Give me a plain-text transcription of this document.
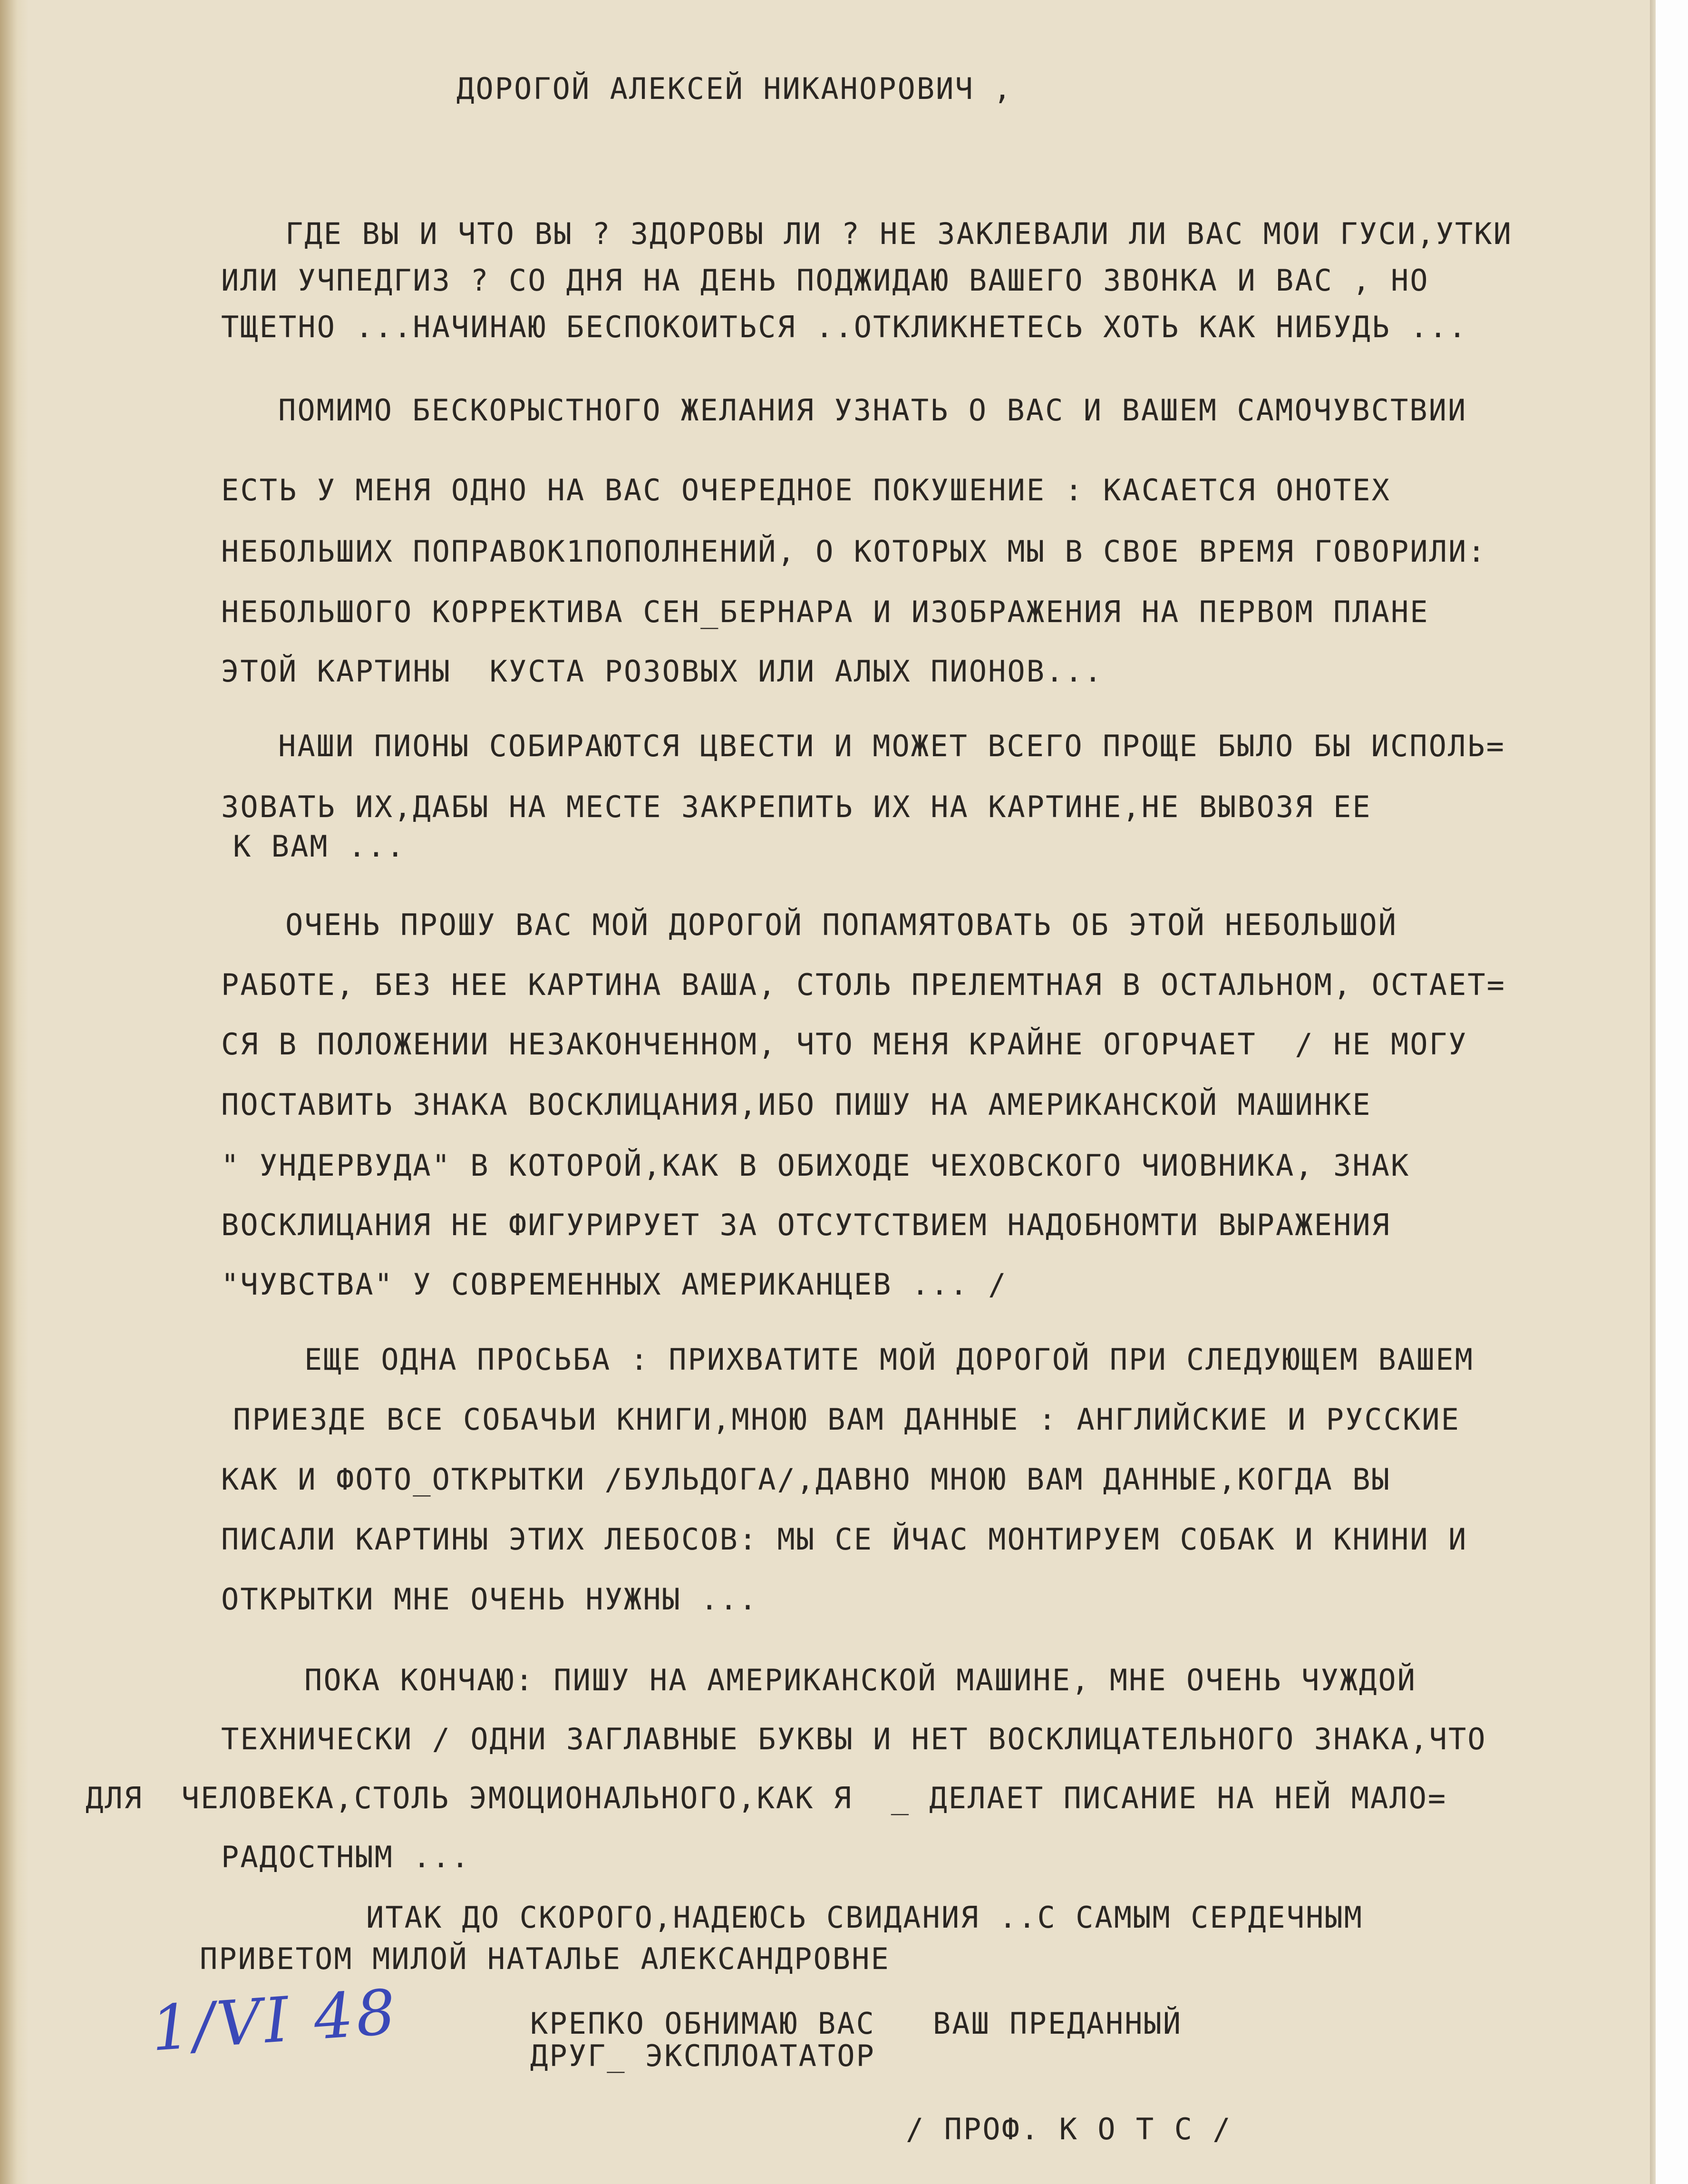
ДОРОГОЙ АЛЕКСЕЙ НИКАНОРОВИЧ ,
ГДЕ ВЫ И ЧТО ВЫ ? ЗДОРОВЫ ЛИ ? НЕ ЗАКЛЕВАЛИ ЛИ ВАС МОИ ГУСИ,УТКИ
ИЛИ УЧПЕДГИЗ ? СО ДНЯ НА ДЕНЬ ПОДЖИДАЮ ВАШЕГО ЗВОНКА И ВАС , НО
ТЩЕТНО ...НАЧИНАЮ БЕСПОКОИТЬСЯ ..ОТКЛИКНЕТЕСЬ ХОТЬ КАК НИБУДЬ ...
ПОМИМО БЕСКОРЫСТНОГО ЖЕЛАНИЯ УЗНАТЬ О ВАС И ВАШЕМ САМОЧУВСТВИИ
ЕСТЬ У МЕНЯ ОДНО НА ВАС ОЧЕРЕДНОЕ ПОКУШЕНИЕ : КАСАЕТСЯ ОНОТЕХ
НЕБОЛЬШИХ ПОПРАВОК1ПОПОЛНЕНИЙ, О КОТОРЫХ МЫ В СВОЕ ВРЕМЯ ГОВОРИЛИ:
НЕБОЛЬШОГО КОРРЕКТИВА СЕН_БЕРНАРА И ИЗОБРАЖЕНИЯ НА ПЕРВОМ ПЛАНЕ
ЭТОЙ КАРТИНЫ  КУСТА РОЗОВЫХ ИЛИ АЛЫХ ПИОНОВ...
НАШИ ПИОНЫ СОБИРАЮТСЯ ЦВЕСТИ И МОЖЕТ ВСЕГО ПРОЩЕ БЫЛО БЫ ИСПОЛЬ=
ЗОВАТЬ ИХ,ДАБЫ НА МЕСТЕ ЗАКРЕПИТЬ ИХ НА КАРТИНЕ,НЕ ВЫВОЗЯ ЕЕ
К ВАМ ...
ОЧЕНЬ ПРОШУ ВАС МОЙ ДОРОГОЙ ПОПАМЯТОВАТЬ ОБ ЭТОЙ НЕБОЛЬШОЙ
РАБОТЕ, БЕЗ НЕЕ КАРТИНА ВАША, СТОЛЬ ПРЕЛЕМТНАЯ В ОСТАЛЬНОМ, ОСТАЕТ=
СЯ В ПОЛОЖЕНИИ НЕЗАКОНЧЕННОМ, ЧТО МЕНЯ КРАЙНЕ ОГОРЧАЕТ  / НЕ МОГУ
ПОСТАВИТЬ ЗНАКА ВОСКЛИЦАНИЯ,ИБО ПИШУ НА АМЕРИКАНСКОЙ МАШИНКЕ
" УНДЕРВУДА" В КОТОРОЙ,КАК В ОБИХОДЕ ЧЕХОВСКОГО ЧИОВНИКА, ЗНАК
ВОСКЛИЦАНИЯ НЕ ФИГУРИРУЕТ ЗА ОТСУТСТВИЕМ НАДОБНОМТИ ВЫРАЖЕНИЯ
"ЧУВСТВА" У СОВРЕМЕННЫХ АМЕРИКАНЦЕВ ... /
ЕЩЕ ОДНА ПРОСЬБА : ПРИХВАТИТЕ МОЙ ДОРОГОЙ ПРИ СЛЕДУЮЩЕМ ВАШЕМ
ПРИЕЗДЕ ВСЕ СОБАЧЬИ КНИГИ,МНОЮ ВАМ ДАННЫЕ : АНГЛИЙСКИЕ И РУССКИЕ
КАК И ФОТО_ОТКРЫТКИ /БУЛЬДОГА/,ДАВНО МНОЮ ВАМ ДАННЫЕ,КОГДА ВЫ
ПИСАЛИ КАРТИНЫ ЭТИХ ЛЕБОСОВ: МЫ СЕ ЙЧАС МОНТИРУЕМ СОБАК И КНИНИ И
ОТКРЫТКИ МНЕ ОЧЕНЬ НУЖНЫ ...
ПОКА КОНЧАЮ: ПИШУ НА АМЕРИКАНСКОЙ МАШИНЕ, МНЕ ОЧЕНЬ ЧУЖДОЙ
ТЕХНИЧЕСКИ / ОДНИ ЗАГЛАВНЫЕ БУКВЫ И НЕТ ВОСКЛИЦАТЕЛЬНОГО ЗНАКА,ЧТО
ДЛЯ  ЧЕЛОВЕКА,СТОЛЬ ЭМОЦИОНАЛЬНОГО,КАК Я  _ ДЕЛАЕТ ПИСАНИЕ НА НЕЙ МАЛО=
РАДОСТНЫМ ...
ИТАК ДО СКОРОГО,НАДЕЮСЬ СВИДАНИЯ ..С САМЫМ СЕРДЕЧНЫМ
ПРИВЕТОМ МИЛОЙ НАТАЛЬЕ АЛЕКСАНДРОВНЕ
КРЕПКО ОБНИМАЮ ВАС   ВАШ ПРЕДАННЫЙ
ДРУГ_ ЭКСПЛОАТАТОР
/ ПРОФ. К О Т С /
1/VI 48
